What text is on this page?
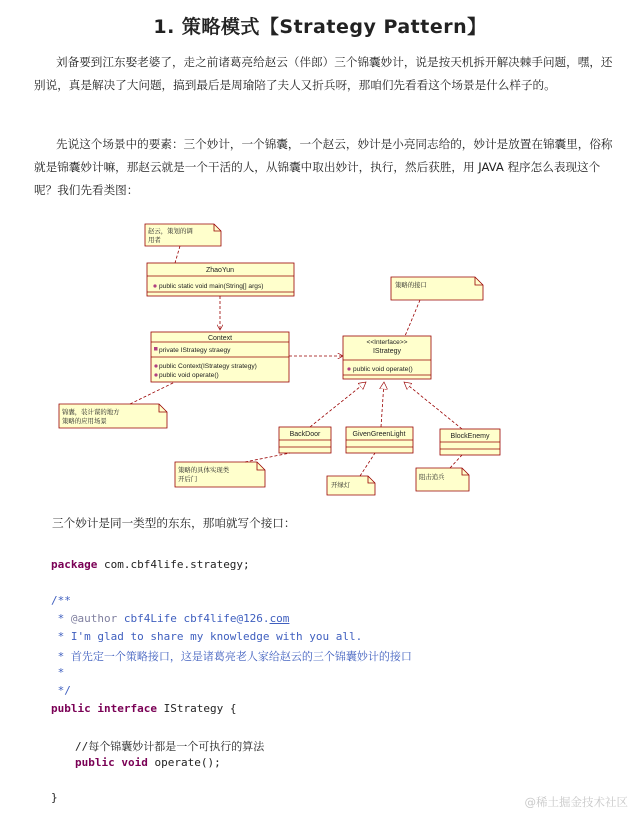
1. 策略模式【Strategy Pattern】

刘备要到江东娶老婆了，走之前诸葛亮给赵云（伴郎）三个锦囊妙计，说是按天机拆开解决棘手问题，嘿，还别说，真是解决了大问题，搞到最后是周瑜陪了夫人又折兵呀，那咱们先看看这个场景是什么样子的。

先说这个场景中的要素：三个妙计，一个锦囊，一个赵云，妙计是小亮同志给的，妙计是放置在锦囊里，俗称就是锦囊妙计嘛，那赵云就是一个干活的人，从锦囊中取出妙计，执行，然后获胜，用 JAVA 程序怎么表现这个呢？我们先看类图：

赵云，策划的调
用者
ZhaoYun
public static void main(String[] args)
Context
private IStrategy straegy
public Context(IStrategy strategy)
public void operate()
策略的接口
<<Interface>>
IStrategy
public void operate()
锦囊，装计谋的地方
策略的应用场景
BackDoor	GivenGreenLight	BlockEnemy
策略的具体实现类
开后门
开绿灯
阻击追兵
三个妙计是同一类型的东东，那咱就写个接口：
package com.cbf4life.strategy;
/**
* @author cbf4Life cbf4life@126.com
* I'm glad to share my knowledge with you all.
* 首先定一个策略接口，这是诸葛亮老人家给赵云的三个锦囊妙计的接口
*
*/
public interface IStrategy {
//每个锦囊妙计都是一个可执行的算法
public void operate();
}	@稀土掘金技术社区
